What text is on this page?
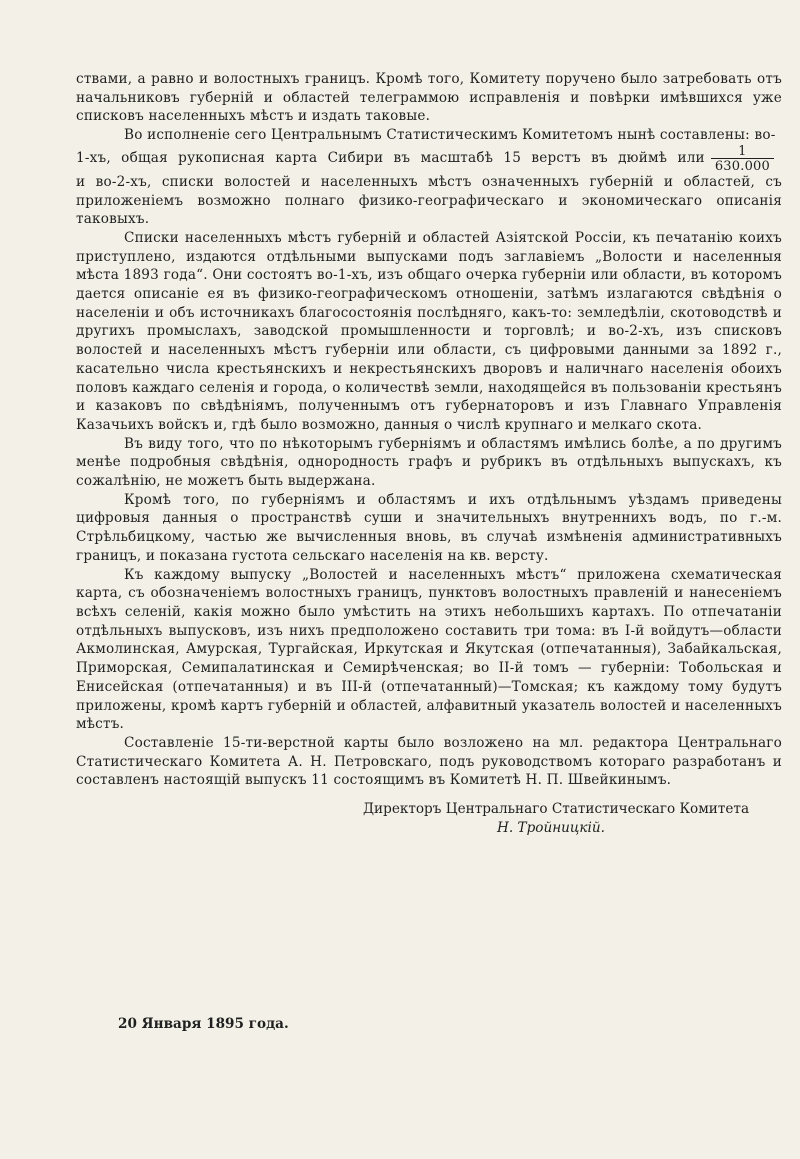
ствами, а равно и волостныхъ границъ. Кромѣ того, Комитету поручено было затребовать отъ начальниковъ губерній и областей телеграммою исправленія и повѣрки имѣвшихся уже списковъ населенныхъ мѣстъ и издать таковые.

Во исполненіе сего Центральнымъ Статистическимъ Комитетомъ нынѣ составлены: во-

1-хъ, общая рукописная карта Сибири въ масштабѣ 15 верстъ въ дюймѣ или $\frac{1}{630.000}$

и во-2-хъ, списки волостей и населенныхъ мѣстъ означенныхъ губерній и областей, съ приложеніемъ возможно полнаго физико-географическаго и экономическаго описанія таковыхъ.

Списки населенныхъ мѣстъ губерній и областей Азіятской Россіи, къ печатанію коихъ приступлено, издаются отдѣльными выпусками подъ заглавіемъ „Волости и населенныя мѣста 1893 года“. Они состоятъ во-1-хъ, изъ общаго очерка губерніи или области, въ которомъ дается описаніе ея въ физико-географическомъ отношеніи, затѣмъ излагаются свѣдѣнія о населеніи и объ источникахъ благосостоянія послѣдняго, какъ-то: земледѣліи, скотоводствѣ и другихъ промыслахъ, заводской промышленности и торговлѣ; и во-2-хъ, изъ списковъ волостей и населенныхъ мѣстъ губерніи или области, съ цифровыми данными за 1892 г., касательно числа крестьянскихъ и некрестьянскихъ дворовъ и наличнаго населенія обоихъ половъ каждаго селенія и города, о количествѣ земли, находящейся въ пользованіи крестьянъ и казаковъ по свѣдѣніямъ, полученнымъ отъ губернаторовъ и изъ Главнаго Управленія Казачьихъ войскъ и, гдѣ было возможно, данныя о числѣ крупнаго и мелкаго скота.

Въ виду того, что по нѣкоторымъ губерніямъ и областямъ имѣлись болѣе, а по другимъ менѣе подробныя свѣдѣнія, однородность графъ и рубрикъ въ отдѣльныхъ выпускахъ, къ сожалѣнію, не можетъ быть выдержана.

Кромѣ того, по губерніямъ и областямъ и ихъ отдѣльнымъ уѣздамъ приведены цифровыя данныя о пространствѣ суши и значительныхъ внутреннихъ водъ, по г.-м. Стрѣльбицкому, частью же вычисленныя вновь, въ случаѣ измѣненія административныхъ границъ, и показана густота сельскаго населенія на кв. версту.

Къ каждому выпуску „Волостей и населенныхъ мѣстъ“ приложена схематическая карта, съ обозначеніемъ волостныхъ границъ, пунктовъ волостныхъ правленій и нанесеніемъ всѣхъ селеній, какія можно было умѣстить на этихъ небольшихъ картахъ. По отпечатаніи отдѣльныхъ выпусковъ, изъ нихъ предположено составить три тома: въ I-й войдутъ—области Акмолинская, Амурская, Тургайская, Иркутская и Якутская (отпечатанныя), Забайкальская, Приморская, Семипалатинская и Семирѣченская; во II-й томъ — губерніи: Тобольская и Енисейская (отпечатанныя) и въ III-й (отпечатанный)—Томская; къ каждому тому будутъ приложены, кромѣ картъ губерній и областей, алфавитный указатель волостей и населенныхъ мѣстъ.

Составленіе 15-ти-верстной карты было возложено на мл. редактора Центральнаго Статистическаго Комитета А. Н. Петровскаго, подъ руководствомъ котораго разработанъ и составленъ настоящій выпускъ 11 состоящимъ въ Комитетѣ Н. П. Швейкинымъ.

Директоръ Центральнаго Статистическаго Комитета
Н. Тройницкій.
20 Января 1895 года.
